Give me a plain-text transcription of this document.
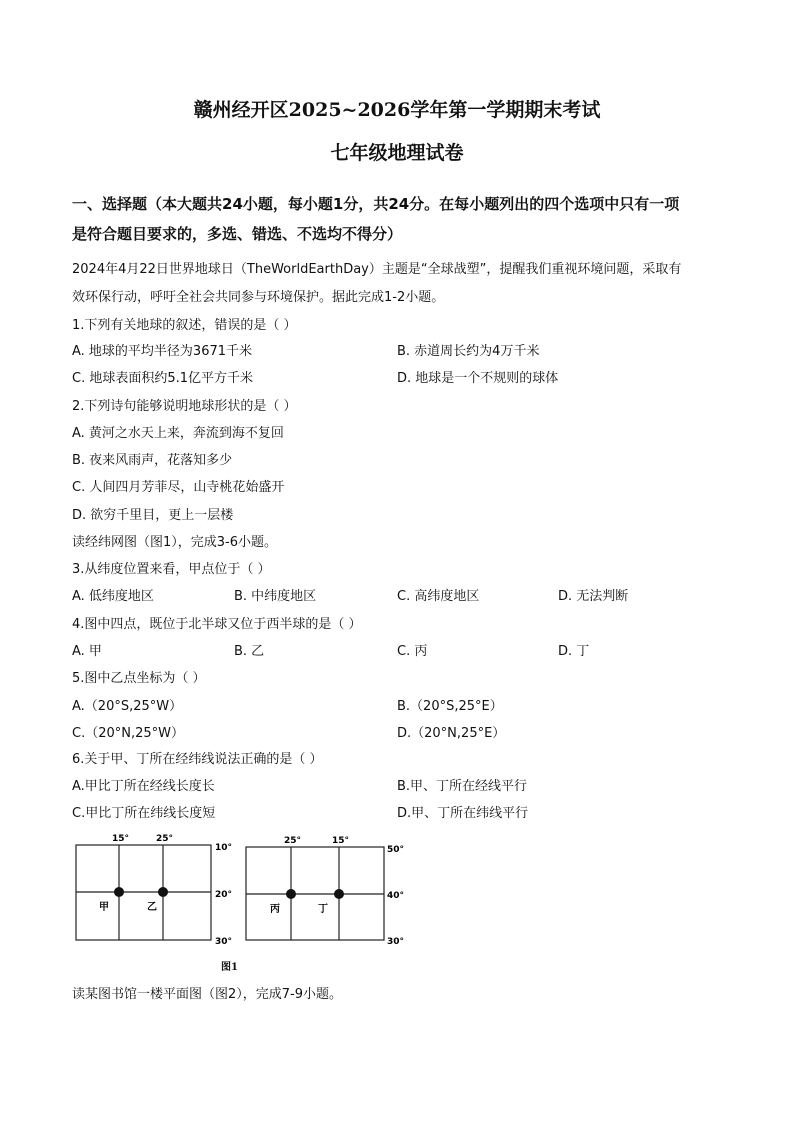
赣州经开区2025~2026学年第一学期期末考试
七年级地理试卷
一、选择题（本大题共24小题，每小题1分，共24分。在每小题列出的四个选项中只有一项
是符合题目要求的，多选、错选、不选均不得分）
2024年4月22日世界地球日（TheWorldEarthDay）主题是“全球战塑”，提醒我们重视环境问题，采取有
效环保行动，呼吁全社会共同参与环境保护。据此完成1-2小题。
1.下列有关地球的叙述，错误的是（ ）
A. 地球的平均半径为3671千米	B. 赤道周长约为4万千米
C. 地球表面积约5.1亿平方千米	D. 地球是一个不规则的球体
2.下列诗句能够说明地球形状的是（ ）
A. 黄河之水天上来，奔流到海不复回
B. 夜来风雨声，花落知多少
C. 人间四月芳菲尽，山寺桃花始盛开
D. 欲穷千里目，更上一层楼
读经纬网图（图1），完成3-6小题。
3.从纬度位置来看，甲点位于（ ）
A. 低纬度地区	B. 中纬度地区	C. 高纬度地区	D. 无法判断
4.图中四点，既位于北半球又位于西半球的是（ ）
A. 甲	B. 乙	C. 丙	D. 丁
5.图中乙点坐标为（ ）
A.（20°S,25°W）	B.（20°S,25°E）
C.（20°N,25°W）	D.（20°N,25°E）
6.关于甲、丁所在经纬线说法正确的是（ ）
A.甲比丁所在经线长度长	B.甲、丁所在经线平行
C.甲比丁所在纬线长度短	D.甲、丁所在纬线平行
15°	25°
10°
20°
30°
甲	乙
25°	15°
50°
40°
30°
丙	丁
图1
读某图书馆一楼平面图（图2），完成7-9小题。
